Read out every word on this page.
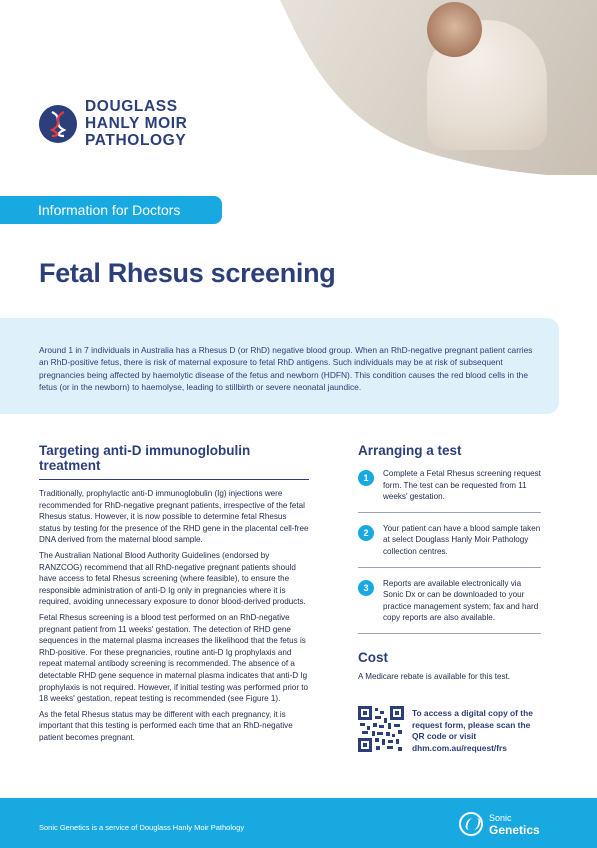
DOUGLASS
HANLY MOIR
PATHOLOGY
Information for Doctors
Fetal Rhesus screening

Around 1 in 7 individuals in Australia has a Rhesus D (or RhD) negative blood group. When an RhD-negative pregnant patient carries an RhD-positive fetus, there is risk of maternal exposure to fetal RhD antigens. Such individuals may be at risk of subsequent pregnancies being affected by haemolytic disease of the fetus and newborn (HDFN). This condition causes the red blood cells in the fetus (or in the newborn) to haemolyse, leading to stillbirth or severe neonatal jaundice.

Targeting anti-D immunoglobulin treatment

Traditionally, prophylactic anti-D immunoglobulin (Ig) injections were recommended for RhD-negative pregnant patients, irrespective of the fetal Rhesus status. However, it is now possible to determine fetal Rhesus status by testing for the presence of the RHD gene in the placental cell-free DNA derived from the maternal blood sample.

The Australian National Blood Authority Guidelines (endorsed by RANZCOG) recommend that all RhD-negative pregnant patients should have access to fetal Rhesus screening (where feasible), to ensure the responsible administration of anti-D Ig only in pregnancies where it is required, avoiding unnecessary exposure to donor blood-derived products.

Fetal Rhesus screening is a blood test performed on an RhD-negative pregnant patient from 11 weeks' gestation. The detection of RHD gene sequences in the maternal plasma increases the likelihood that the fetus is RhD-positive. For these pregnancies, routine anti-D Ig prophylaxis and repeat maternal antibody screening is recommended. The absence of a detectable RHD gene sequence in maternal plasma indicates that anti-D Ig prophylaxis is not required. However, if initial testing was performed prior to 18 weeks' gestation, repeat testing is recommended (see Figure 1).

As the fetal Rhesus status may be different with each pregnancy, it is important that this testing is performed each time that an RhD-negative patient becomes pregnant.

Arranging a test
1	Complete a Fetal Rhesus screening request form. The test can be requested from 11 weeks' gestation.

2	Your patient can have a blood sample taken at select Douglass Hanly Moir Pathology collection centres.

3	Reports are available electronically via Sonic Dx or can be downloaded to your practice management system; fax and hard copy reports are also available.

Cost

A Medicare rebate is available for this test.

To access a digital copy of the request form, please scan the QR code or visit dhm.com.au/request/frs
Sonic Genetics is a service of Douglass Hanly Moir Pathology
Sonic
Genetics
